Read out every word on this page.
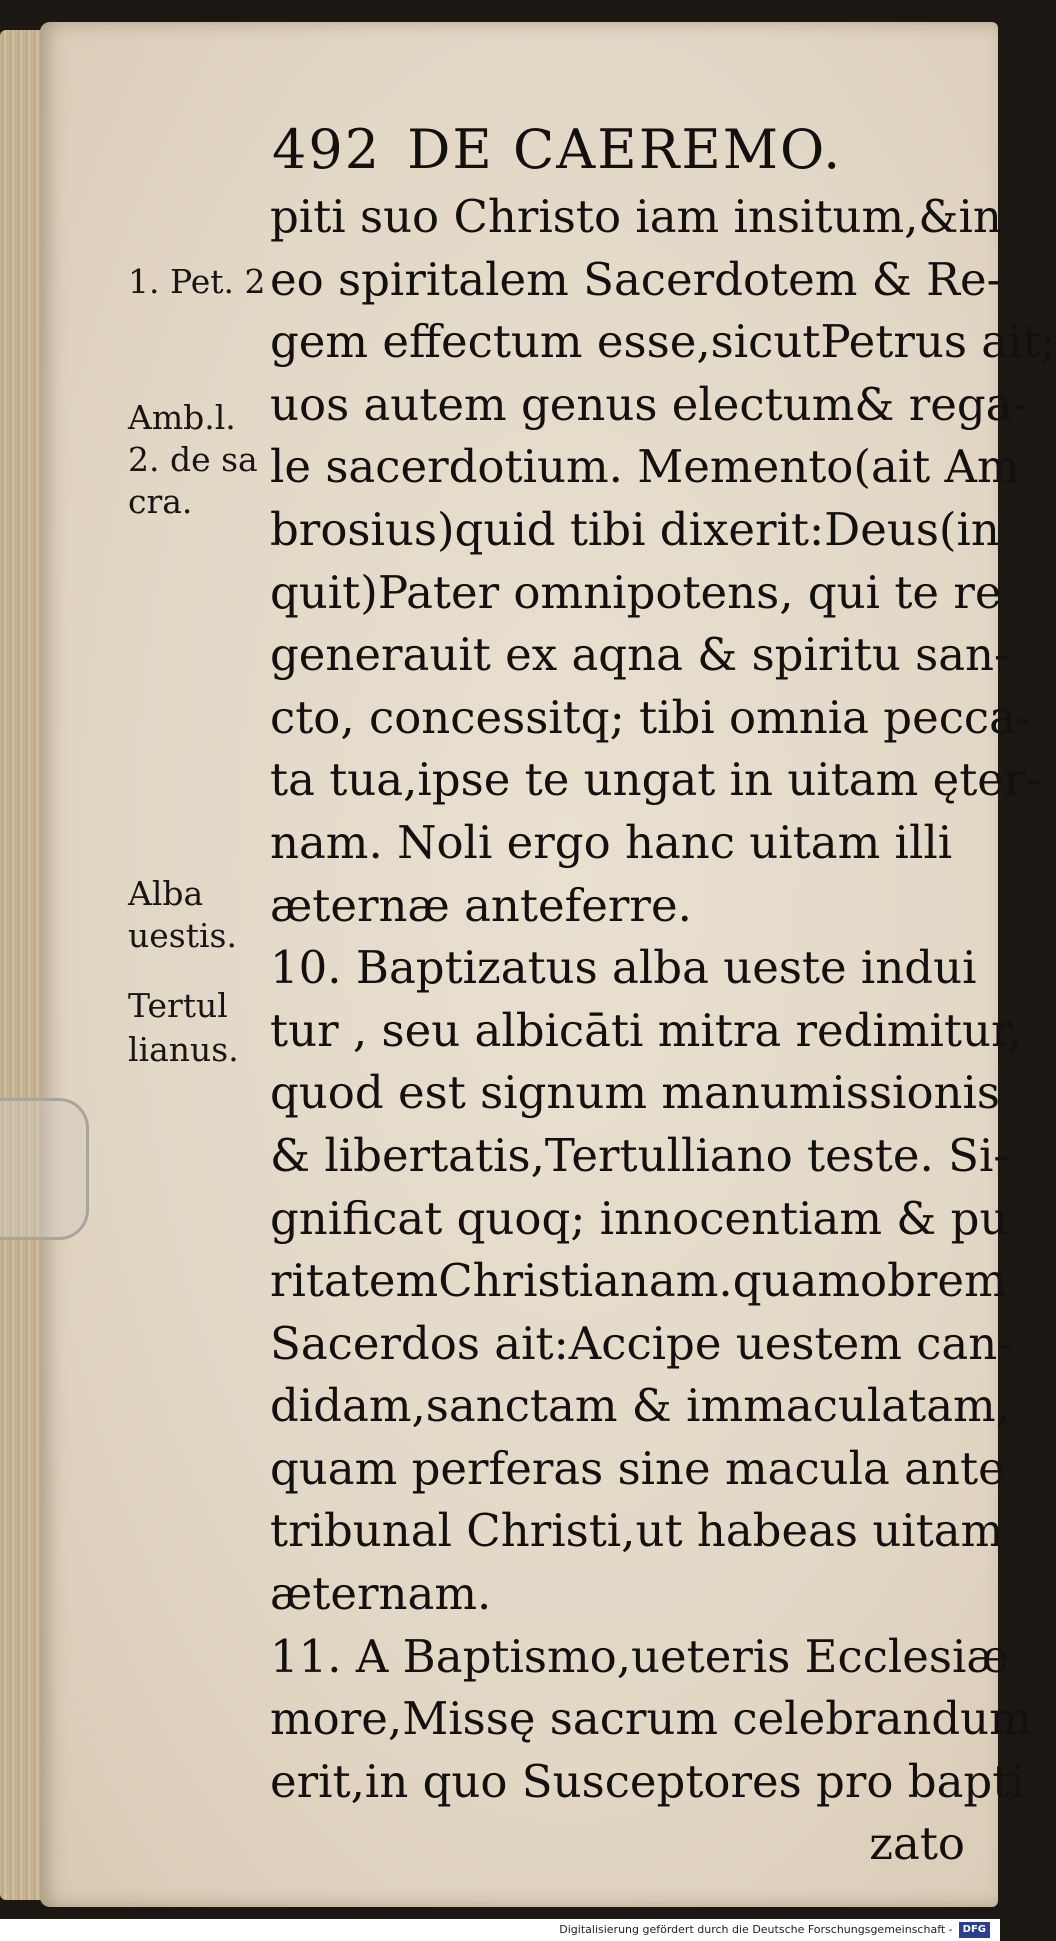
492 DE CAEREMO.
1. Pet. 2
Amb.l.
2. de sa
cra.
Alba
uestis.
Tertul
lianus.
piti suo Christo iam insitum,&in
eo spiritalem Sacerdotem & Re-
gem effectum esse,sicutPetrus ait;
uos autem genus electum& rega-
le sacerdotium. Memento(ait Am
brosius)quid tibi dixerit:Deus(in
quit)Pater omnipotens, qui te re
generauit ex aqna & spiritu san-
cto, concessitq; tibi omnia pecca-
ta tua,ipse te ungat in uitam ęter-
nam. Noli ergo hanc uitam illi
æternæ anteferre.
10. Baptizatus alba ueste indui
tur , seu albicāti mitra redimitur,
quod est signum manumissionis
& libertatis,Tertulliano teste. Si-
gnificat quoq; innocentiam & pu
ritatemChristianam.quamobrem
Sacerdos ait:Accipe uestem can-
didam,sanctam & immaculatam,
quam perferas sine macula ante
tribunal Christi,ut habeas uitam
æternam.
11. A Baptismo,ueteris Ecclesiæ
more,Missę sacrum celebrandum
erit,in quo Susceptores pro bapti
zato
Digitalisierung gefördert durch die Deutsche Forschungsgemeinschaft - DFG
